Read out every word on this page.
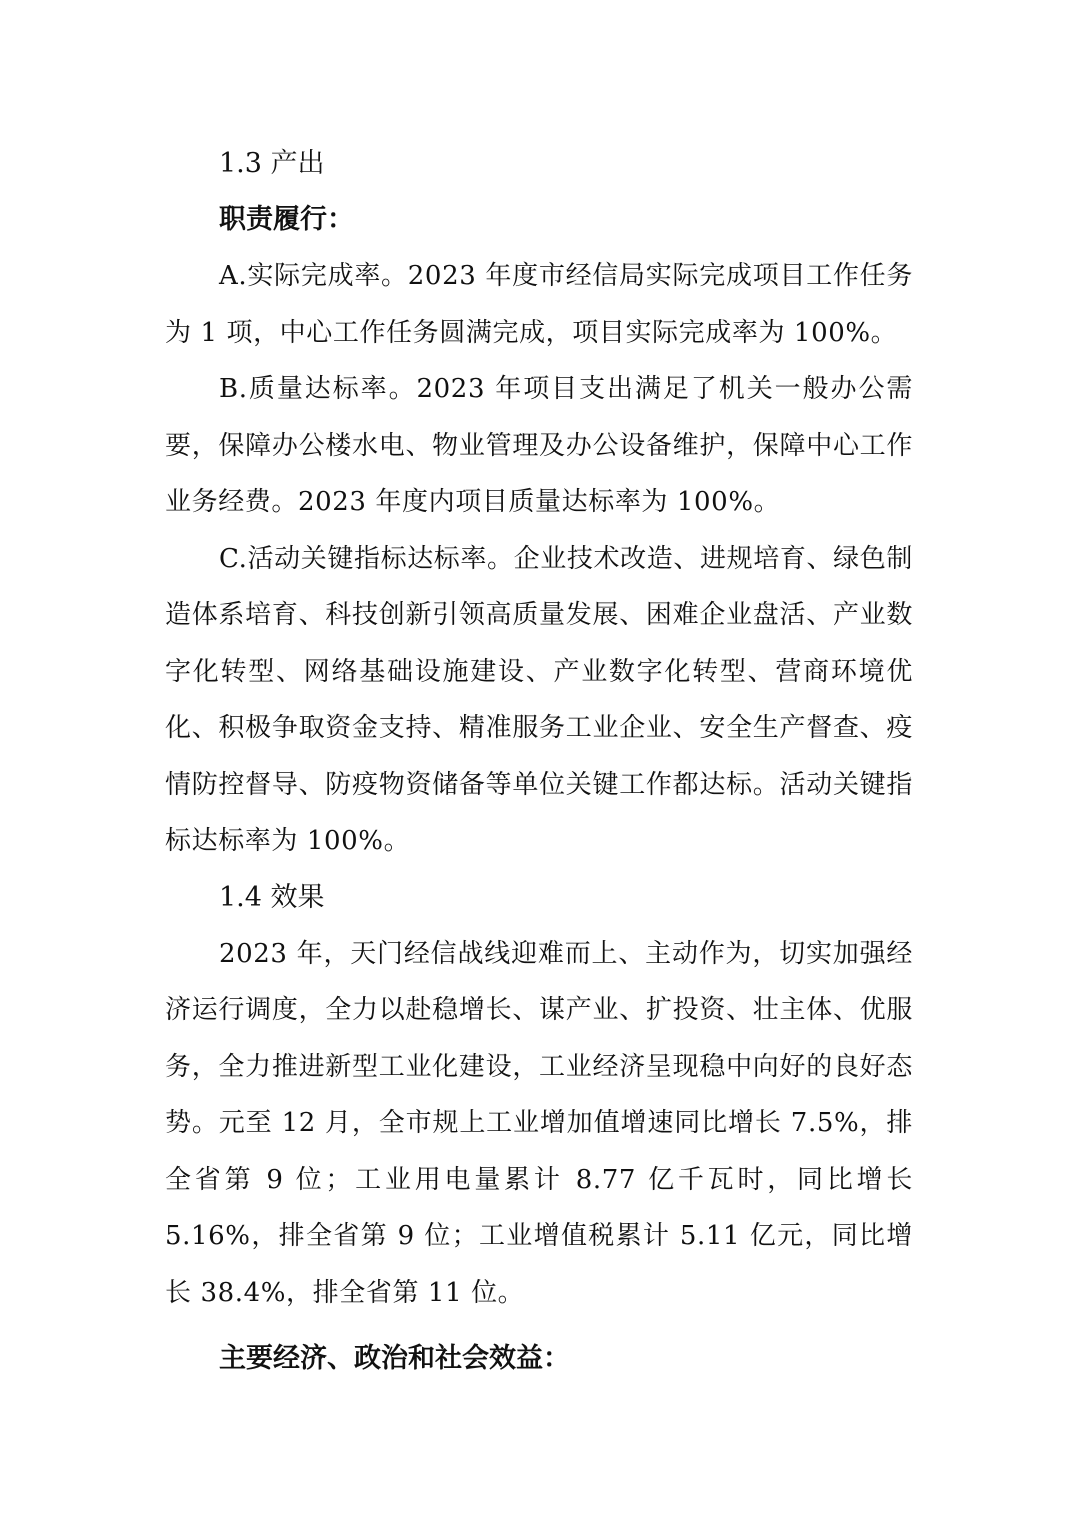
1.3 产出
职责履行：

A.实际完成率。2023 年度市经信局实际完成项目工作任务为 1 项，中心工作任务圆满完成，项目实际完成率为 100%。

B.质量达标率。2023 年项目支出满足了机关一般办公需要，保障办公楼水电、物业管理及办公设备维护，保障中心工作业务经费。2023 年度内项目质量达标率为 100%。

C.活动关键指标达标率。企业技术改造、进规培育、绿色制造体系培育、科技创新引领高质量发展、困难企业盘活、产业数字化转型、网络基础设施建设、产业数字化转型、营商环境优化、积极争取资金支持、精准服务工业企业、安全生产督查、疫情防控督导、防疫物资储备等单位关键工作都达标。活动关键指标达标率为 100%。

1.4 效果

2023 年，天门经信战线迎难而上、主动作为，切实加强经济运行调度，全力以赴稳增长、谋产业、扩投资、壮主体、优服务，全力推进新型工业化建设，工业经济呈现稳中向好的良好态势。元至 12 月，全市规上工业增加值增速同比增长 7.5%，排全省第 9 位；工业用电量累计 8.77 亿千瓦时，同比增长 5.16%，排全省第 9 位；工业增值税累计 5.11 亿元，同比增长 38.4%，排全省第 11 位。

主要经济、政治和社会效益：
